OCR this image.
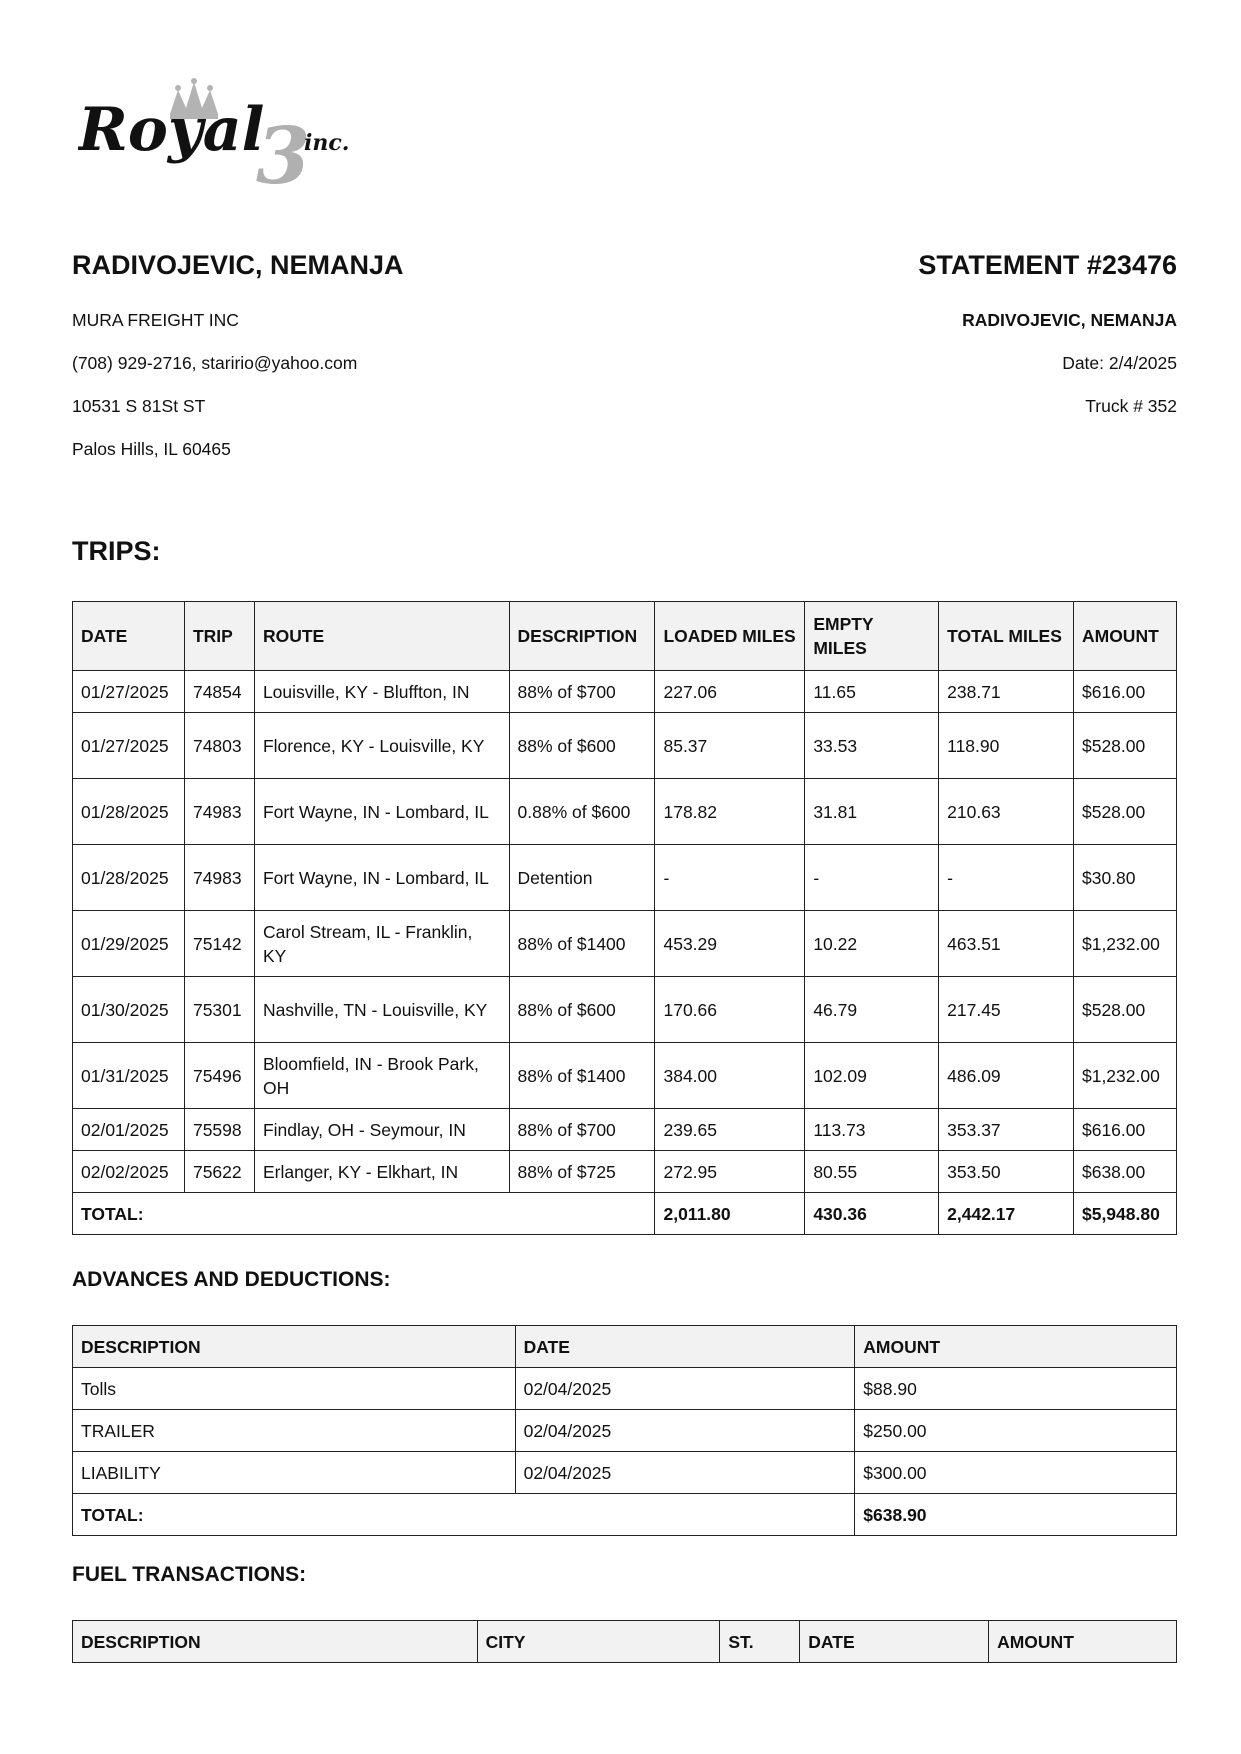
3
Royal inc.
RADIVOJEVIC, NEMANJA	STATEMENT #23476
MURA FREIGHT INC
(708) 929-2716, staririo@yahoo.com
10531 S 81St ST
Palos Hills, IL 60465
RADIVOJEVIC, NEMANJA
Date: 2/4/2025
Truck # 352
TRIPS:
DATE	TRIP	ROUTE	DESCRIPTION	LOADED MILES	EMPTY MILES	TOTAL MILES	AMOUNT
01/27/2025	74854	Louisville, KY - Bluffton, IN	88% of $700	227.06	11.65	238.71	$616.00
01/27/2025	74803	Florence, KY - Louisville, KY	88% of $600	85.37	33.53	118.90	$528.00
01/28/2025	74983	Fort Wayne, IN - Lombard, IL	0.88% of $600	178.82	31.81	210.63	$528.00
01/28/2025	74983	Fort Wayne, IN - Lombard, IL	Detention	-	-	-	$30.80
01/29/2025	75142	Carol Stream, IL - Franklin, KY	88% of $1400	453.29	10.22	463.51	$1,232.00
01/30/2025	75301	Nashville, TN - Louisville, KY	88% of $600	170.66	46.79	217.45	$528.00
01/31/2025	75496	Bloomfield, IN - Brook Park, OH	88% of $1400	384.00	102.09	486.09	$1,232.00
02/01/2025	75598	Findlay, OH - Seymour, IN	88% of $700	239.65	113.73	353.37	$616.00
02/02/2025	75622	Erlanger, KY - Elkhart, IN	88% of $725	272.95	80.55	353.50	$638.00
TOTAL:				2,011.80	430.36	2,442.17	$5,948.80
ADVANCES AND DEDUCTIONS:
DESCRIPTION	DATE	AMOUNT
Tolls	02/04/2025	$88.90
TRAILER	02/04/2025	$250.00
LIABILITY	02/04/2025	$300.00
TOTAL:		$638.90
FUEL TRANSACTIONS:
DESCRIPTION	CITY	ST.	DATE	AMOUNT
